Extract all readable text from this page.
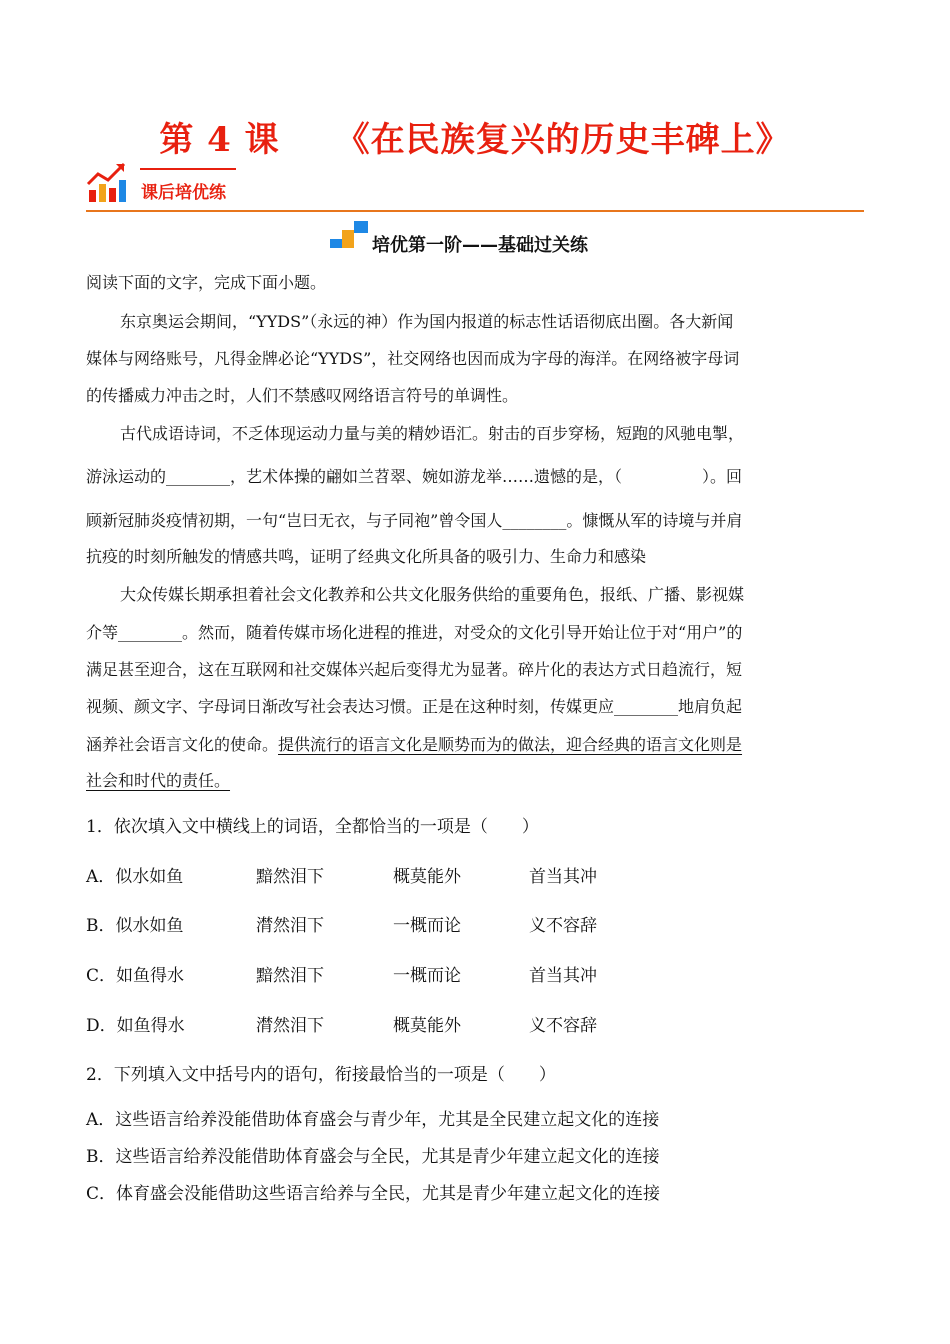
第 4 课 《在民族复兴的历史丰碑上》
课后培优练
培优第一阶——基础过关练
阅读下面的文字，完成下面小题。
东京奥运会期间，“YYDS”（永远的神）作为国内报道的标志性话语彻底出圈。各大新闻
媒体与网络账号，凡得金牌必论“YYDS”，社交网络也因而成为字母的海洋。在网络被字母词
的传播威力冲击之时，人们不禁感叹网络语言符号的单调性。
古代成语诗词，不乏体现运动力量与美的精妙语汇。射击的百步穿杨，短跑的风驰电掣，
游泳运动的________，艺术体操的翩如兰苕翠、婉如游龙举……遗憾的是，（　　　　　）。回
顾新冠肺炎疫情初期，一句“岂曰无衣，与子同袍”曾令国人________。慷慨从军的诗境与并肩
抗疫的时刻所触发的情感共鸣，证明了经典文化所具备的吸引力、生命力和感染
大众传媒长期承担着社会文化教养和公共文化服务供给的重要角色，报纸、广播、影视媒
介等________。然而，随着传媒市场化进程的推进，对受众的文化引导开始让位于对“用户”的
满足甚至迎合，这在互联网和社交媒体兴起后变得尤为显著。碎片化的表达方式日趋流行，短
视频、颜文字、字母词日渐改写社会表达习惯。正是在这种时刻，传媒更应________地肩负起
涵养社会语言文化的使命。提供流行的语言文化是顺势而为的做法，迎合经典的语言文化则是
社会和时代的责任。
1．依次填入文中横线上的词语，全都恰当的一项是（　　）
A．似水如鱼	黯然泪下	概莫能外	首当其冲
B．似水如鱼	潸然泪下	一概而论	义不容辞
C．如鱼得水	黯然泪下	一概而论	首当其冲
D．如鱼得水	潸然泪下	概莫能外	义不容辞
2．下列填入文中括号内的语句，衔接最恰当的一项是（　　）
A．这些语言给养没能借助体育盛会与青少年，尤其是全民建立起文化的连接
B．这些语言给养没能借助体育盛会与全民，尤其是青少年建立起文化的连接
C．体育盛会没能借助这些语言给养与全民，尤其是青少年建立起文化的连接
